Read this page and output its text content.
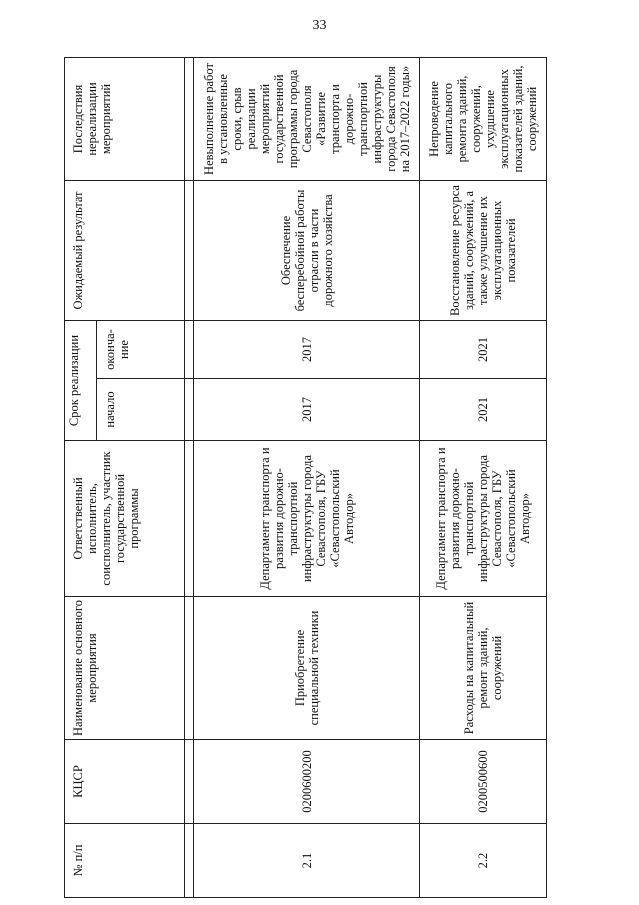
33
№ п/п	КЦСР	Наименование основного мероприятия	Ответственный исполнитель, соисполнитель, участник государственной программы	Срок реализации		Ожидаемый результат	Последствия нереализации мероприятий
				начало	оконча-ние		

2.1	0200600200	Приобретение специальной техники	Департамент транспорта и развития дорожно-транспортной инфраструктуры города Севастополя, ГБУ «Севастопольский Автодор»	2017	2017	Обеспечение бесперебойной работы отрасли в части дорожного хозяйства	Невыполнение работ в установленные сроки, срыв реализации мероприятий государственной программы города Севастополя «Развитие транспорта и дорожно-транспортной инфраструктуры города Севастополя на 2017–2022 годы»
2.2	0200500600	Расходы на капитальный ремонт зданий, сооружений	Департамент транспорта и развития дорожно-транспортной инфраструктуры города Севастополя, ГБУ «Севастопольский Автодор»	2021	2021	Восстановление ресурса зданий, сооружений, а также улучшение их эксплуатационных показателей	Непроведение капитального ремонта зданий, сооружений, ухудшение эксплуатационных показателей зданий, сооружений
